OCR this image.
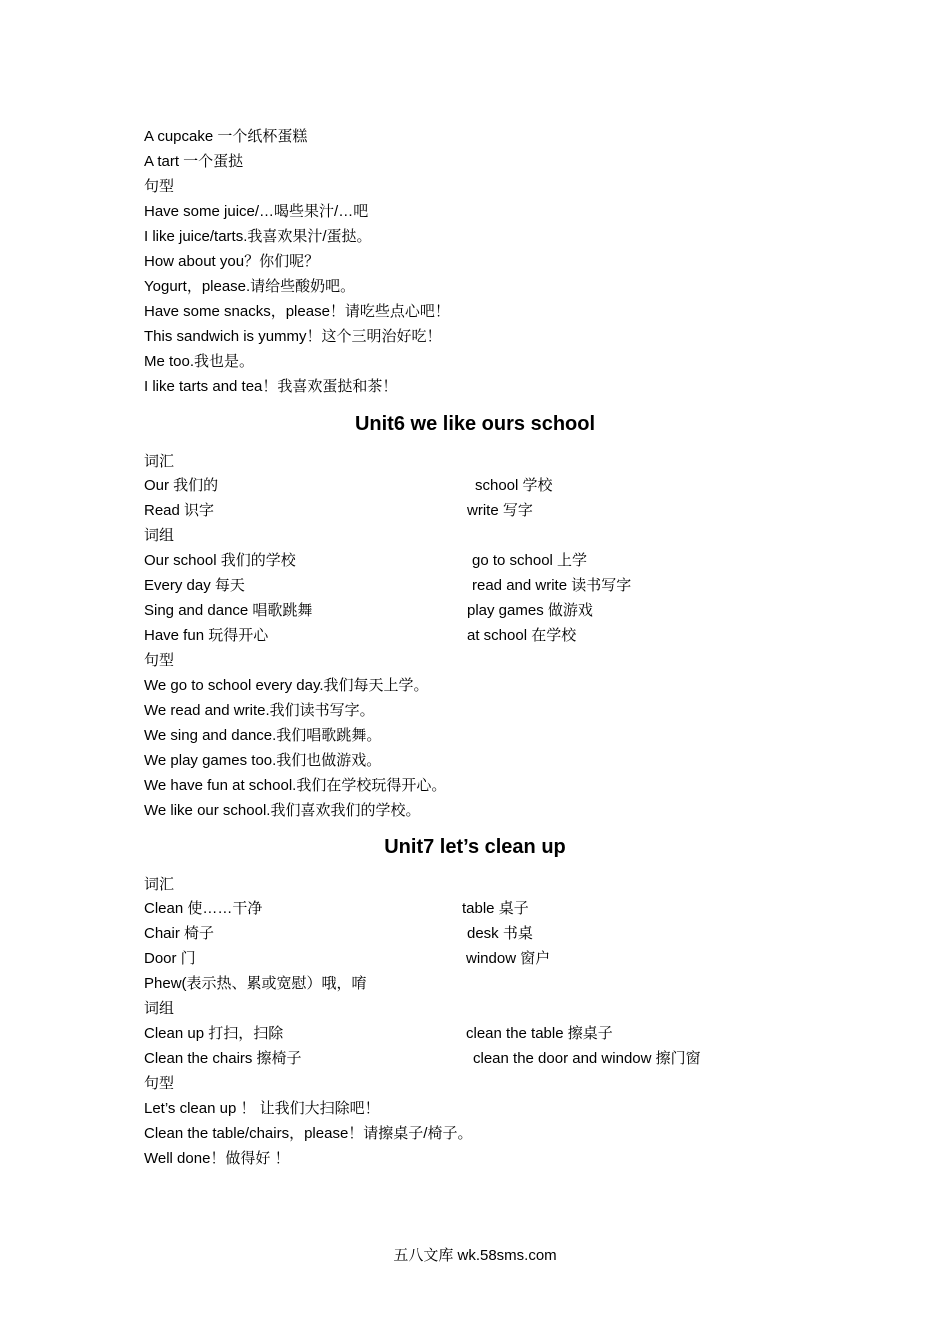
A cupcake 一个纸杯蛋糕
A tart 一个蛋挞
句型
Have some juice/…喝些果汁/…吧
I like juice/tarts.我喜欢果汁/蛋挞。
How about you？你们呢？
Yogurt，please.请给些酸奶吧。
Have some snacks，please！请吃些点心吧！
This sandwich is yummy！这个三明治好吃！
Me too.我也是。
I like tarts and tea！我喜欢蛋挞和茶！
Unit6 we like ours school
词汇
Our 我们的	school 学校
Read 识字	write 写字
词组
Our school 我们的学校	go to school 上学
Every day 每天	read and write 读书写字
Sing and dance 唱歌跳舞	play games 做游戏
Have fun 玩得开心	at school 在学校
句型
We go to school every day.我们每天上学。
We read and write.我们读书写字。
We sing and dance.我们唱歌跳舞。
We play games too.我们也做游戏。
We have fun at school.我们在学校玩得开心。
We like our school.我们喜欢我们的学校。
Unit7 let’s clean up
词汇
Clean 使……干净	table 桌子
Chair 椅子	desk 书桌
Door 门	window 窗户
Phew(表示热、累或宽慰）哦，唷
词组
Clean up 打扫，扫除	clean the table 擦桌子
Clean the chairs 擦椅子	clean the door and window 擦门窗
句型
Let’s clean up ！ 让我们大扫除吧！
Clean the table/chairs，please！请擦桌子/椅子。
Well done！做得好 ！
五八文库 wk.58sms.com
